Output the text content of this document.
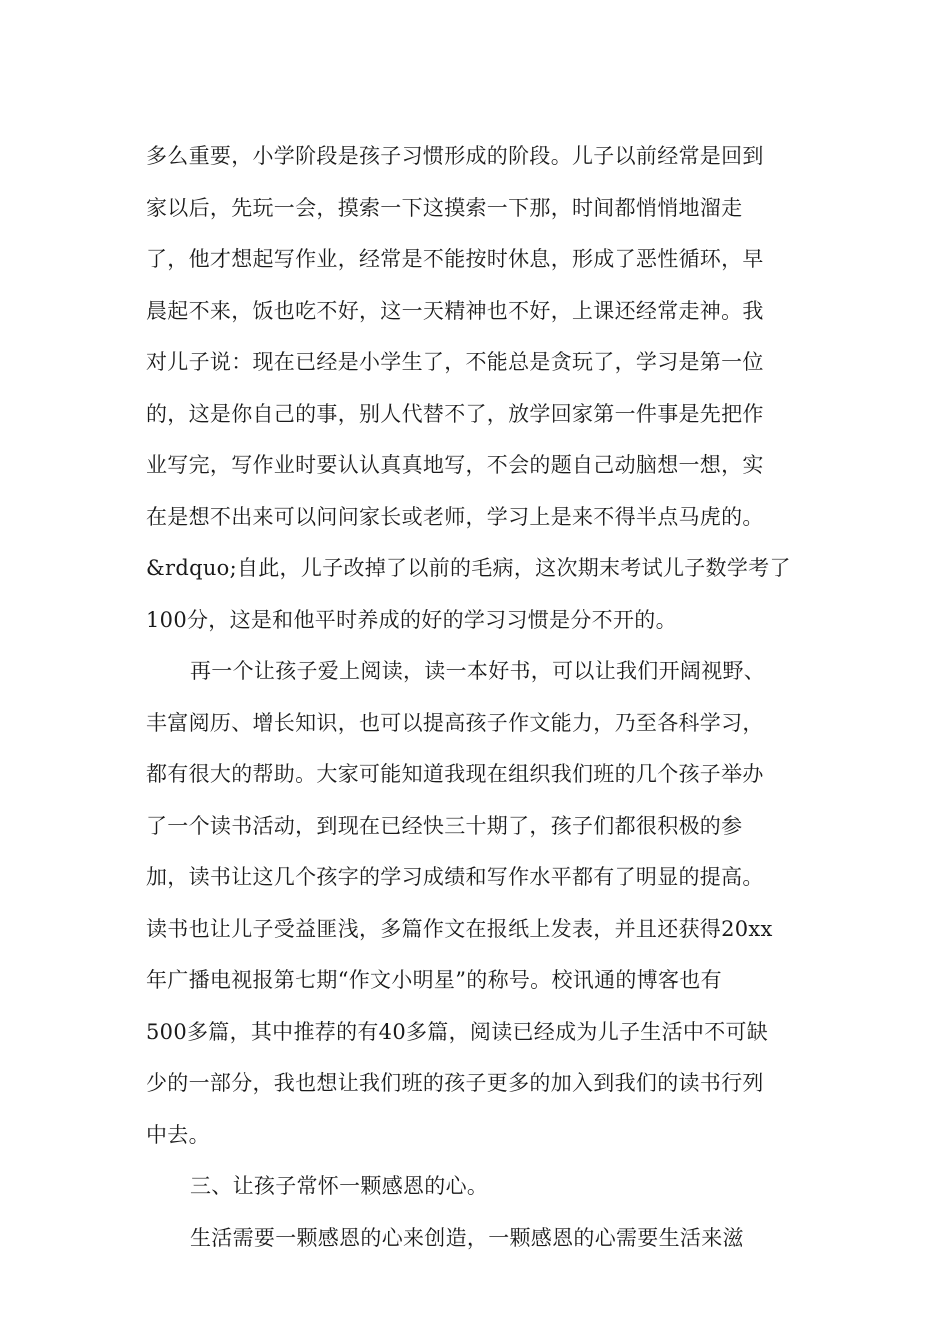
多么重要，小学阶段是孩子习惯形成的阶段。儿子以前经常是回到
家以后，先玩一会，摸索一下这摸索一下那，时间都悄悄地溜走
了，他才想起写作业，经常是不能按时休息，形成了恶性循环，早
晨起不来，饭也吃不好，这一天精神也不好，上课还经常走神。我
对儿子说：现在已经是小学生了，不能总是贪玩了，学习是第一位
的，这是你自己的事，别人代替不了，放学回家第一件事是先把作
业写完，写作业时要认认真真地写，不会的题自己动脑想一想，实
在是想不出来可以问问家长或老师，学习上是来不得半点马虎的。
&rdquo;自此，儿子改掉了以前的毛病，这次期末考试儿子数学考了
100分，这是和他平时养成的好的学习习惯是分不开的。
再一个让孩子爱上阅读，读一本好书，可以让我们开阔视野、
丰富阅历、增长知识，也可以提高孩子作文能力，乃至各科学习，
都有很大的帮助。大家可能知道我现在组织我们班的几个孩子举办
了一个读书活动，到现在已经快三十期了，孩子们都很积极的参
加，读书让这几个孩字的学习成绩和写作水平都有了明显的提高。
读书也让儿子受益匪浅，多篇作文在报纸上发表，并且还获得20xx
年广播电视报第七期“作文小明星”的称号。校讯通的博客也有
500多篇，其中推荐的有40多篇，阅读已经成为儿子生活中不可缺
少的一部分，我也想让我们班的孩子更多的加入到我们的读书行列
中去。
三、让孩子常怀一颗感恩的心。
生活需要一颗感恩的心来创造，一颗感恩的心需要生活来滋
